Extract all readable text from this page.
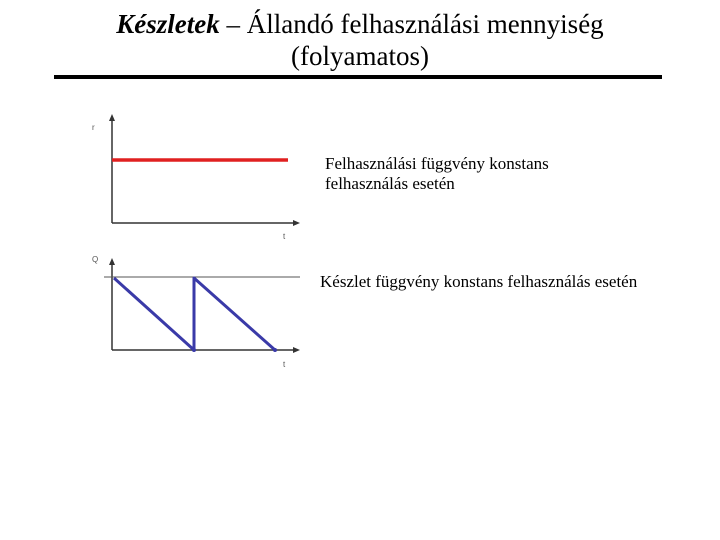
Készletek – Állandó felhasználási mennyiség
(folyamatos)
r
t
Q
t
Felhasználási függvény konstans felhasználás esetén
Készlet függvény konstans felhasználás esetén
